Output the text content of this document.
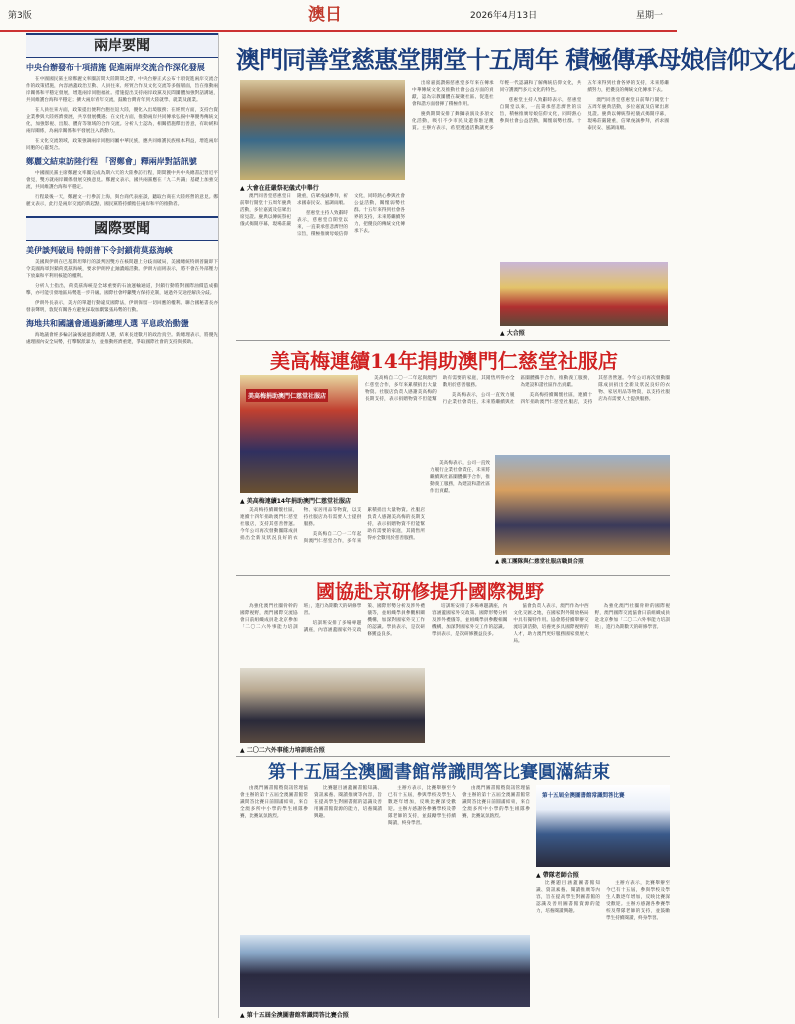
第3版	澳日	2026年4月13日	星期一
兩岸要聞
中央台辦發布十項措施 促進兩岸交流合作深化發展

在中國國民黨主席鄭麗文率團訪問大陸期間之際，中央台辦正式公布十項促進兩岸交流合作的政策措施，內容涵蓋政治互動、人員往來、經貿合作及文化交流等多個層面，旨在推動兩岸關係和平穩定發展，增進兩岸同胞福祉。措施提出支持兩岸政黨及民間團體加強對話溝通，共同維護台海和平穩定；擴大兩岸青年交流，鼓勵台灣青年到大陸就學、就業及創業。

在人員往來方面，政策提出便利台胞往返大陸，優化入出境服務；在經貿方面，支持台資企業參與大陸經濟發展，共享發展機遇；在文化方面，推動兩岸共同傳承弘揚中華優秀傳統文化，加強影視、出版、體育等領域的合作交流。分析人士認為，相關措施釋出善意，有助緩和兩岸關係，為兩岸關係和平發展注入新動力。

在文化交流領域，政策強調兩岸同胞同屬中華民族，應共同維護民族根本利益，增進兩岸同胞的心靈契合。

鄭麗文結束訪陸行程 「習鄭會」釋兩岸對話訊號

中國國民黨主席鄭麗文率團完成為期六天的大陸參訪行程，期間獲中共中央總書記習近平會見，雙方就兩岸關係發展交換意見。鄭麗文表示，國共兩黨應在「九二共識」基礎上加強交流，共同維護台海和平穩定。

行程最後一天，鄭麗文一行參訪上海，與台商代表座談，聽取台商在大陸經營的意見。鄭麗文表示，此行是兩岸交流的新起點，國民黨將持續擔任兩岸和平的推動者。

國際要聞
美伊談判破局 特朗普下令封鎖荷莫茲海峽

美國與伊朗在巴基斯坦舉行的談判因雙方在核問題上分歧而破局，美國總統特朗普隨即下令美國海軍封鎖荷莫茲海峽，要求伊朗停止鈾濃縮活動。伊朗方面則表示，將不會在外部壓力下放棄和平利用核能的權利。

分析人士指出，荷莫茲海峽是全球重要的石油運輸通道，封鎖行動將對國際油價造成衝擊，亦可能引發地區局勢進一步升級。國際社會呼籲雙方保持克制，通過外交途徑解決分歧。

伊朗外長表示，美方的單邊行動違反國際法，伊朗保留一切回應的權利。聯合國秘書長亦發表聲明，敦促有關各方避免採取加劇緊張局勢的行動。

海地共和國議會通過新總理人選 平息政治動盪

海地議會經多輪討論後通過新總理人選，結束長達數月的政治真空。新總理表示，將優先處理國內安全局勢，打擊幫派暴力，並推動經濟重建，爭取國際社會的支持與援助。

澳門同善堂慈惠堂開堂十五周年 積極傳承母娘信仰文化
▲ 大會在莊嚴祭祀儀式中舉行

澳門同善堂慈惠堂日前舉行開堂十五周年慶典活動，多位嘉賓及信眾出席見證。慶典以傳統祭祀儀式揭開序幕，現場莊嚴隆重，信眾虔誠參拜，祈求國泰民安、風調雨順。

慈惠堂主持人致辭時表示，慈惠堂自開堂以來，一直秉承慈悲濟世的宗旨，積極推廣母娘信仰文化，同時熱心參與社會公益活動，關懷弱勢社群。十五年來得到社會各界的支持，未來將繼續努力，把優良的傳統文化傳承下去。

出席嘉賓讚揚慈惠堂多年來在傳承中華傳統文化及推動社會公益方面的貢獻，認為宗教團體在凝聚社區、促進社會和諧方面發揮了積極作用。

慶典期間安排了舞獅表演及多項文化活動，吸引不少市民及遊客駐足觀賞。主辦方表示，希望透過活動讓更多年輕一代認識和了解傳統信仰文化，共同守護澳門多元文化的特色。

慈惠堂主持人致辭時表示，慈惠堂自開堂以來，一直秉承慈悲濟世的宗旨，積極推廣母娘信仰文化，同時熱心參與社會公益活動，關懷弱勢社群。十五年來得到社會各界的支持，未來將繼續努力，把優良的傳統文化傳承下去。

澳門同善堂慈惠堂日前舉行開堂十五周年慶典活動，多位嘉賓及信眾出席見證。慶典以傳統祭祀儀式揭開序幕，現場莊嚴隆重，信眾虔誠參拜，祈求國泰民安、風調雨順。

▲ 大合照
美高梅連續14年捐助澳門仁慈堂社服店
美高梅捐助澳門仁慈堂社服店
▲ 美高梅連續14年捐助澳門仁慈堂社服店

美高梅持續關懷社區，連續十四年捐助澳門仁慈堂社服店，支持其慈善營運。今年公司再次發動團隊成員捐出全新及狀況良好的衣物、家居用品等物資，以支持社服店為有需要人士提供服務。

美高梅自二〇一二年起與澳門仁慈堂合作，多年來累積捐出大量物資。社服店負責人感謝美高梅的長期支持，表示捐贈物資不但能幫助有需要的家庭，其銷售所得亦全數用於慈善服務。

美高梅自二〇一二年起與澳門仁慈堂合作，多年來累積捐出大量物資。社服店負責人感謝美高梅的長期支持，表示捐贈物資不但能幫助有需要的家庭，其銷售所得亦全數用於慈善服務。

美高梅表示，公司一直致力履行企業社會責任，未來將繼續與社區團體攜手合作，推動義工服務，為建設和諧社區作出貢獻。

美高梅持續關懷社區，連續十四年捐助澳門仁慈堂社服店，支持其慈善營運。今年公司再次發動團隊成員捐出全新及狀況良好的衣物、家居用品等物資，以支持社服店為有需要人士提供服務。

美高梅表示，公司一直致力履行企業社會責任，未來將繼續與社區團體攜手合作，推動義工服務，為建設和諧社區作出貢獻。

▲ 義工團隊與仁慈堂社服店職員合照
國協赴京研修提升國際視野

為強化澳門社團骨幹的國際視野，澳門國際交流協會日前組織成員赴北京參加「二〇二六外事能力培訓班」，進行為期數天的研修學習。

培訓班安排了多場專題講座，內容涵蓋國家外交政策、國際形勢分析及涉外禮儀等，並組織學員參觀相關機構，加深對國家外交工作的認識。學員表示，是次研修獲益良多。

▲ 二〇二六外事能力培訓班合照

培訓班安排了多場專題講座，內容涵蓋國家外交政策、國際形勢分析及涉外禮儀等，並組織學員參觀相關機構，加深對國家外交工作的認識。學員表示，是次研修獲益良多。

協會負責人表示，澳門作為中西文化交匯之地，在國家對外開放格局中具有獨特作用。協會將持續舉辦交流培訓活動，培養更多具國際視野的人才，助力澳門更好服務國家發展大局。

為強化澳門社團骨幹的國際視野，澳門國際交流協會日前組織成員赴北京參加「二〇二六外事能力培訓班」，進行為期數天的研修學習。

第十五屆全澳圖書館常識問答比賽圓滿結束

由澳門圖書館暨資訊管理協會主辦的第十五屆全澳圖書館常識問答比賽日前圓滿結束，來自全澳多所中小學的學生組隊參賽，比賽氣氛熱烈。

比賽題目涵蓋圖書館知識、資訊素養、閱讀推廣等內容，旨在提高學生對圖書館的認識及善用圖書館資源的能力，培養閱讀興趣。

主辦方表示，比賽舉辦至今已有十五屆，參與學校及學生人數逐年增加，反映比賽深受歡迎。主辦方感謝各參賽學校及帶隊老師的支持，並鼓勵學生持續閱讀，終身學習。

由澳門圖書館暨資訊管理協會主辦的第十五屆全澳圖書館常識問答比賽日前圓滿結束，來自全澳多所中小學的學生組隊參賽，比賽氣氛熱烈。

第十五屆全澳圖書館常識問答比賽
▲ 帶隊老師合照

比賽題目涵蓋圖書館知識、資訊素養、閱讀推廣等內容，旨在提高學生對圖書館的認識及善用圖書館資源的能力，培養閱讀興趣。

主辦方表示，比賽舉辦至今已有十五屆，參與學校及學生人數逐年增加，反映比賽深受歡迎。主辦方感謝各參賽學校及帶隊老師的支持，並鼓勵學生持續閱讀，終身學習。

▲ 第十五屆全澳圖書館常識問答比賽合照
